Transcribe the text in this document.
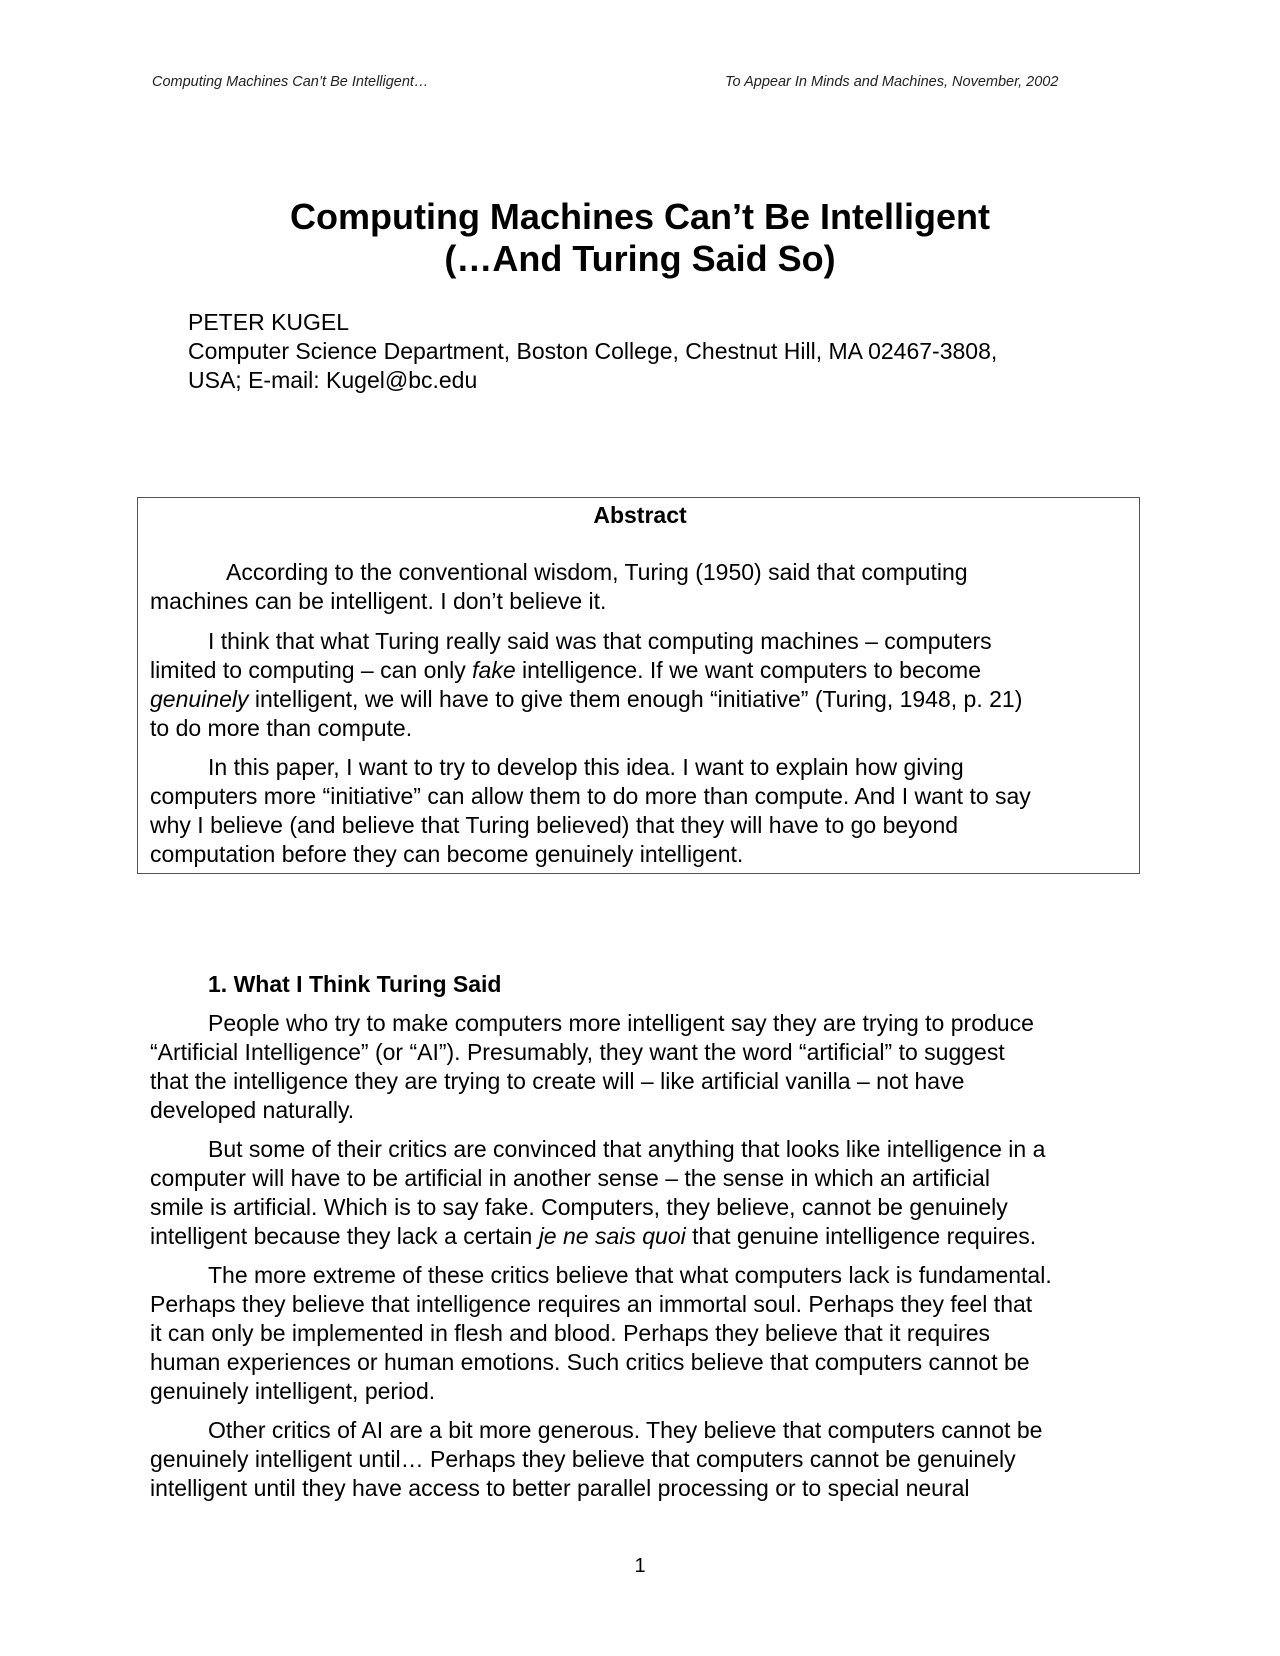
Computing Machines Can’t Be Intelligent…	To Appear In Minds and Machines, November, 2002
Computing Machines Can’t Be Intelligent
(…And Turing Said So)
PETER KUGEL
Computer Science Department, Boston College, Chestnut Hill, MA 02467-3808,
USA; E-mail: Kugel@bc.edu
Abstract
According to the conventional wisdom, Turing (1950) said that computing
machines can be intelligent. I don’t believe it.
I think that what Turing really said was that computing machines – computers
limited to computing – can only fake intelligence. If we want computers to become
genuinely intelligent, we will have to give them enough “initiative” (Turing, 1948, p. 21)
to do more than compute.
In this paper, I want to try to develop this idea. I want to explain how giving
computers more “initiative” can allow them to do more than compute. And I want to say
why I believe (and believe that Turing believed) that they will have to go beyond
computation before they can become genuinely intelligent.
1. What I Think Turing Said
People who try to make computers more intelligent say they are trying to produce
“Artificial Intelligence” (or “AI”). Presumably, they want the word “artificial” to suggest
that the intelligence they are trying to create will – like artificial vanilla – not have
developed naturally.
But some of their critics are convinced that anything that looks like intelligence in a
computer will have to be artificial in another sense – the sense in which an artificial
smile is artificial. Which is to say fake. Computers, they believe, cannot be genuinely
intelligent because they lack a certain je ne sais quoi that genuine intelligence requires.
The more extreme of these critics believe that what computers lack is fundamental.
Perhaps they believe that intelligence requires an immortal soul. Perhaps they feel that
it can only be implemented in flesh and blood. Perhaps they believe that it requires
human experiences or human emotions. Such critics believe that computers cannot be
genuinely intelligent, period.
Other critics of AI are a bit more generous. They believe that computers cannot be
genuinely intelligent until… Perhaps they believe that computers cannot be genuinely
intelligent until they have access to better parallel processing or to special neural
1
